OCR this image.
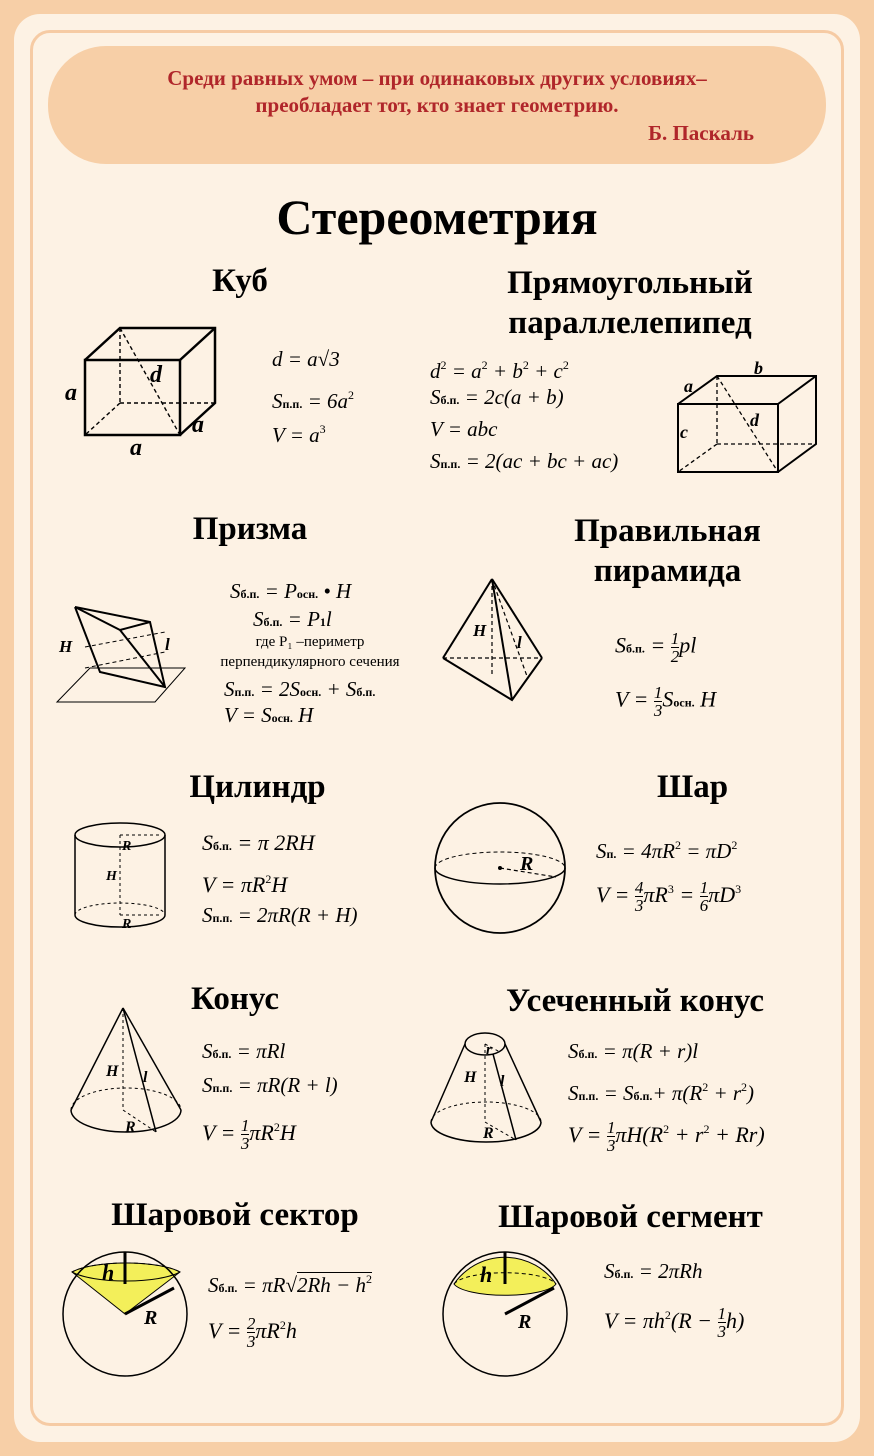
Среди равных умом – при одинаковых других условиях–
преобладает тот, кто знает геометрию.
Б. Паскаль
Стереометрия
Куб
a
d
a
a
d = a√3
Sп.п. = $6a^2$
$V = a^3$
Прямоугольный
параллелепипед
$d^2 = a^2 + b^2 + c^2$
Sб.п. = 2c(a + b)
V = abc
Sп.п. = 2(ac + bc + ac)
a
b
c
d
Призма
H	l
Sб.п. = Pосн. • H
Sб.п. = P1l
где P₁ –периметр
перпендикулярного сечения
Sп.п. = 2Sосн. + Sб.п.
V = Sосн. H
Правильная
пирамида
H
l	Sб.п. = $\frac{1}{2}$ pl
$V = \frac{1}{3}$ Sосн. H
Цилиндр
R
H
R
Sб.п. = π 2RH
$V = \pi R^2H$
Sп.п. = 2πR(R + H)
Шар
R
Sп. = $4\pi R^2 = \pi D^2$
$V = \frac{4}{3} \pi R^3 = \frac{1}{6} \pi D^3$
Конус
H l
R
Sб.п. = πRl
Sп.п. = πR(R + l)
$V = \frac{1}{3} \pi R^2H$
Усеченный конус
r
H l
R
Sб.п. = π(R + r)l
Sп.п. = $Sб.п.+ \pi(R^2 + r^2)$
$V = \frac{1}{3} \pi H(R^2 + r^2 + Rr)$
Шаровой сектор
h
R
Sб.п. = $\pi R√2Rh - h^2$
$V = \frac{2}{3} \pi R^2h$
Шаровой сегмент
h
R
Sб.п. = 2πRh
$V = \pi h^2(R - \frac{1}{3} h)$
